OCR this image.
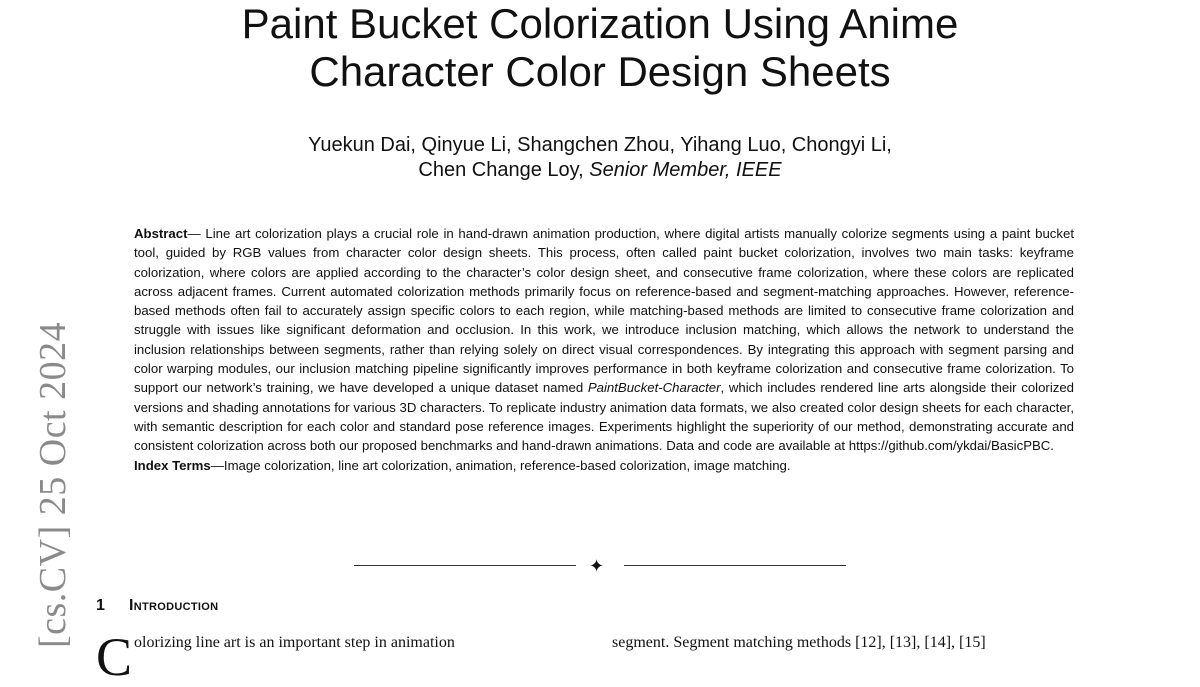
[cs.CV] 25 Oct 2024
Paint Bucket Colorization Using Anime
Character Color Design Sheets
Yuekun Dai, Qinyue Li, Shangchen Zhou, Yihang Luo, Chongyi Li,
Chen Change Loy, Senior Member, IEEE

Abstract— Line art colorization plays a crucial role in hand-drawn animation production, where digital artists manually colorize segments using a paint bucket tool, guided by RGB values from character color design sheets. This process, often called paint bucket colorization, involves two main tasks: keyframe colorization, where colors are applied according to the character’s color design sheet, and consecutive frame colorization, where these colors are replicated across adjacent frames. Current automated colorization methods primarily focus on reference-based and segment-matching approaches. However, reference-based methods often fail to accurately assign specific colors to each region, while matching-based methods are limited to consecutive frame colorization and struggle with issues like significant deformation and occlusion. In this work, we introduce inclusion matching, which allows the network to understand the inclusion relationships between segments, rather than relying solely on direct visual correspondences. By integrating this approach with segment parsing and color warping modules, our inclusion matching pipeline significantly improves performance in both keyframe colorization and consecutive frame colorization. To support our network’s training, we have developed a unique dataset named PaintBucket-Character, which includes rendered line arts alongside their colorized versions and shading annotations for various 3D characters. To replicate industry animation data formats, we also created color design sheets for each character, with semantic description for each color and standard pose reference images. Experiments highlight the superiority of our method, demonstrating accurate and consistent colorization across both our proposed benchmarks and hand-drawn animations. Data and code are available at https://github.com/ykdai/BasicPBC.

Index Terms—Image colorization, line art colorization, animation, reference-based colorization, image matching.

✦
1 Introduction
Colorizing line art is an important step in animation	segment. Segment matching methods [12], [13], [14], [15]
